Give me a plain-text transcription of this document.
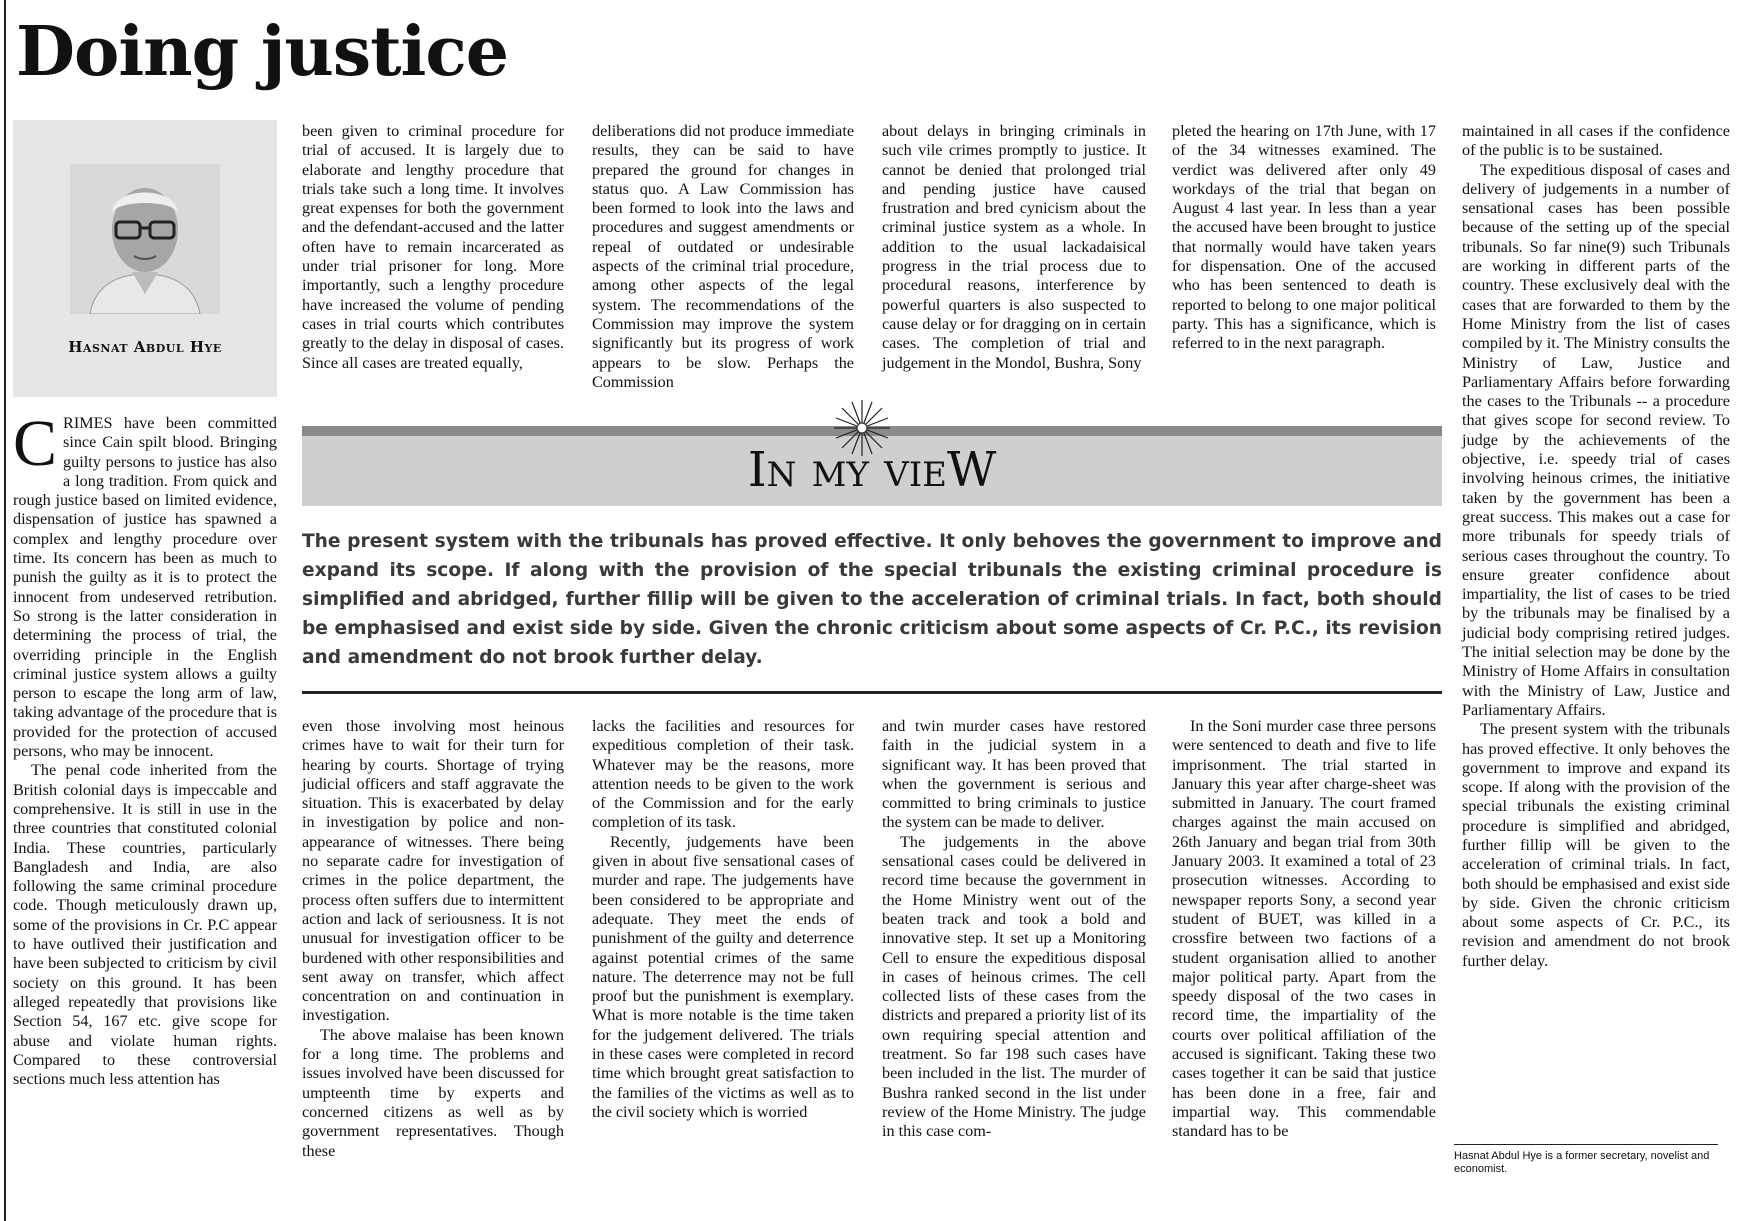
Doing justice
Hasnat Abdul Hye

C RIMES have been committed since Cain spilt blood. Bringing guilty persons to justice has also a long tradition. From quick and rough justice based on limited evidence, dispensation of justice has spawned a complex and lengthy procedure over time. Its concern has been as much to punish the guilty as it is to protect the innocent from undeserved retribution. So strong is the latter consideration in determining the process of trial, the overriding principle in the English criminal justice system allows a guilty person to escape the long arm of law, taking advantage of the procedure that is provided for the protection of accused persons, who may be innocent.

The penal code inherited from the British colonial days is impeccable and comprehensive. It is still in use in the three countries that constituted colonial India. These countries, particularly Bangladesh and India, are also following the same criminal procedure code. Though meticulously drawn up, some of the provisions in Cr. P.C appear to have outlived their justification and have been subjected to criticism by civil society on this ground. It has been alleged repeatedly that provisions like Section 54, 167 etc. give scope for abuse and violate human rights. Compared to these controversial sections much less attention has

been given to criminal procedure for trial of accused. It is largely due to elaborate and lengthy procedure that trials take such a long time. It involves great expenses for both the government and the defendant-accused and the latter often have to remain incarcerated as under trial prisoner for long. More importantly, such a lengthy procedure have increased the volume of pending cases in trial courts which contributes greatly to the delay in disposal of cases. Since all cases are treated equally,
deliberations did not produce immediate results, they can be said to have prepared the ground for changes in status quo. A Law Commission has been formed to look into the laws and procedures and suggest amendments or repeal of outdated or undesirable aspects of the criminal trial procedure, among other aspects of the legal system. The recommendations of the Commission may improve the system significantly but its progress of work appears to be slow. Perhaps the Commission
about delays in bringing criminals in such vile crimes promptly to justice. It cannot be denied that prolonged trial and pending justice have caused frustration and bred cynicism about the criminal justice system as a whole. In addition to the usual lackadaisical progress in the trial process due to procedural reasons, interference by powerful quarters is also suspected to cause delay or for dragging on in certain cases. The completion of trial and judgement in the Mondol, Bushra, Sony
pleted the hearing on 17th June, with 17 of the 34 witnesses examined. The verdict was delivered after only 49 workdays of the trial that began on August 4 last year. In less than a year the accused have been brought to justice that normally would have taken years for dispensation. One of the accused who has been sentenced to death is reported to belong to one major political party. This has a significance, which is referred to in the next paragraph.

maintained in all cases if the confidence of the public is to be sustained.

The expeditious disposal of cases and delivery of judgements in a number of sensational cases has been possible because of the setting up of the special tribunals. So far nine(9) such Tribunals are working in different parts of the country. These exclusively deal with the cases that are forwarded to them by the Home Ministry from the list of cases compiled by it. The Ministry consults the Ministry of Law, Justice and Parliamentary Affairs before forwarding the cases to the Tribunals -- a procedure that gives scope for second review. To judge by the achievements of the objective, i.e. speedy trial of cases involving heinous crimes, the initiative taken by the government has been a great success. This makes out a case for more tribunals for speedy trials of serious cases throughout the country. To ensure greater confidence about impartiality, the list of cases to be tried by the tribunals may be finalised by a judicial body comprising retired judges. The initial selection may be done by the Ministry of Home Affairs in consultation with the Ministry of Law, Justice and Parliamentary Affairs.

The present system with the tribunals has proved effective. It only behoves the government to improve and expand its scope. If along with the provision of the special tribunals the existing criminal procedure is simplified and abridged, further fillip will be given to the acceleration of criminal trials. In fact, both should be emphasised and exist side by side. Given the chronic criticism about some aspects of Cr. P.C., its revision and amendment do not brook further delay.

In my vieW

The present system with the tribunals has proved effective. It only behoves the government to improve and expand its scope. If along with the provision of the special tribunals the existing criminal procedure is simplified and abridged, further fillip will be given to the acceleration of criminal trials. In fact, both should be emphasised and exist side by side. Given the chronic criticism about some aspects of Cr. P.C., its revision and amendment do not brook further delay.

even those involving most heinous crimes have to wait for their turn for hearing by courts. Shortage of trying judicial officers and staff aggravate the situation. This is exacerbated by delay in investigation by police and non-appearance of witnesses. There being no separate cadre for investigation of crimes in the police department, the process often suffers due to intermittent action and lack of seriousness. It is not unusual for investigation officer to be burdened with other responsibilities and sent away on transfer, which affect concentration on and continuation in investigation.

The above malaise has been known for a long time. The problems and issues involved have been discussed for umpteenth time by experts and concerned citizens as well as by government representatives. Though these

lacks the facilities and resources for expeditious completion of their task. Whatever may be the reasons, more attention needs to be given to the work of the Commission and for the early completion of its task.

Recently, judgements have been given in about five sensational cases of murder and rape. The judgements have been considered to be appropriate and adequate. They meet the ends of punishment of the guilty and deterrence against potential crimes of the same nature. The deterrence may not be full proof but the punishment is exemplary. What is more notable is the time taken for the judgement delivered. The trials in these cases were completed in record time which brought great satisfaction to the families of the victims as well as to the civil society which is worried

and twin murder cases have restored faith in the judicial system in a significant way. It has been proved that when the government is serious and committed to bring criminals to justice the system can be made to deliver.

The judgements in the above sensational cases could be delivered in record time because the government in the Home Ministry went out of the beaten track and took a bold and innovative step. It set up a Monitoring Cell to ensure the expeditious disposal in cases of heinous crimes. The cell collected lists of these cases from the districts and prepared a priority list of its own requiring special attention and treatment. So far 198 such cases have been included in the list. The murder of Bushra ranked second in the list under review of the Home Ministry. The judge in this case com-

In the Soni murder case three persons were sentenced to death and five to life imprisonment. The trial started in January this year after charge-sheet was submitted in January. The court framed charges against the main accused on 26th January and began trial from 30th January 2003. It examined a total of 23 prosecution witnesses. According to newspaper reports Sony, a second year student of BUET, was killed in a crossfire between two factions of a student organisation allied to another major political party. Apart from the speedy disposal of the two cases in record time, the impartiality of the courts over political affiliation of the accused is significant. Taking these two cases together it can be said that justice has been done in a free, fair and impartial way. This commendable standard has to be

Hasnat Abdul Hye is a former secretary, novelist and economist.
